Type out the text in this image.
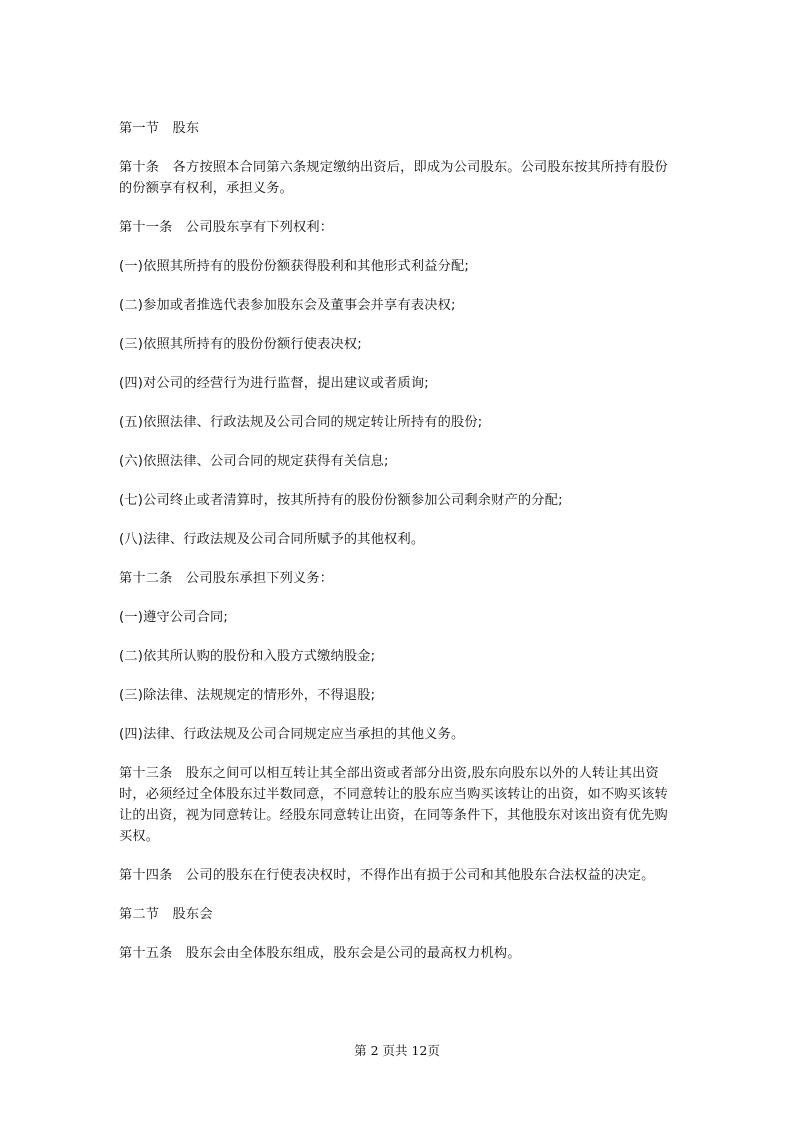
第一节　股东

第十条　各方按照本合同第六条规定缴纳出资后，即成为公司股东。公司股东按其所持有股份的份额享有权利，承担义务。

第十一条　公司股东享有下列权利：

(一)依照其所持有的股份份额获得股利和其他形式利益分配;

(二)参加或者推选代表参加股东会及董事会并享有表决权;

(三)依照其所持有的股份份额行使表决权;

(四)对公司的经营行为进行监督，提出建议或者质询;

(五)依照法律、行政法规及公司合同的规定转让所持有的股份;

(六)依照法律、公司合同的规定获得有关信息;

(七)公司终止或者清算时，按其所持有的股份份额参加公司剩余财产的分配;

(八)法律、行政法规及公司合同所赋予的其他权利。

第十二条　公司股东承担下列义务：

(一)遵守公司合同;

(二)依其所认购的股份和入股方式缴纳股金;

(三)除法律、法规规定的情形外，不得退股;

(四)法律、行政法规及公司合同规定应当承担的其他义务。

第十三条　股东之间可以相互转让其全部出资或者部分出资,股东向股东以外的人转让其出资时，必须经过全体股东过半数同意，不同意转让的股东应当购买该转让的出资，如不购买该转让的出资，视为同意转让。经股东同意转让出资，在同等条件下，其他股东对该出资有优先购买权。

第十四条　公司的股东在行使表决权时，不得作出有损于公司和其他股东合法权益的决定。

第二节　股东会

第十五条　股东会由全体股东组成，股东会是公司的最高权力机构。

第 2 页共 12页
